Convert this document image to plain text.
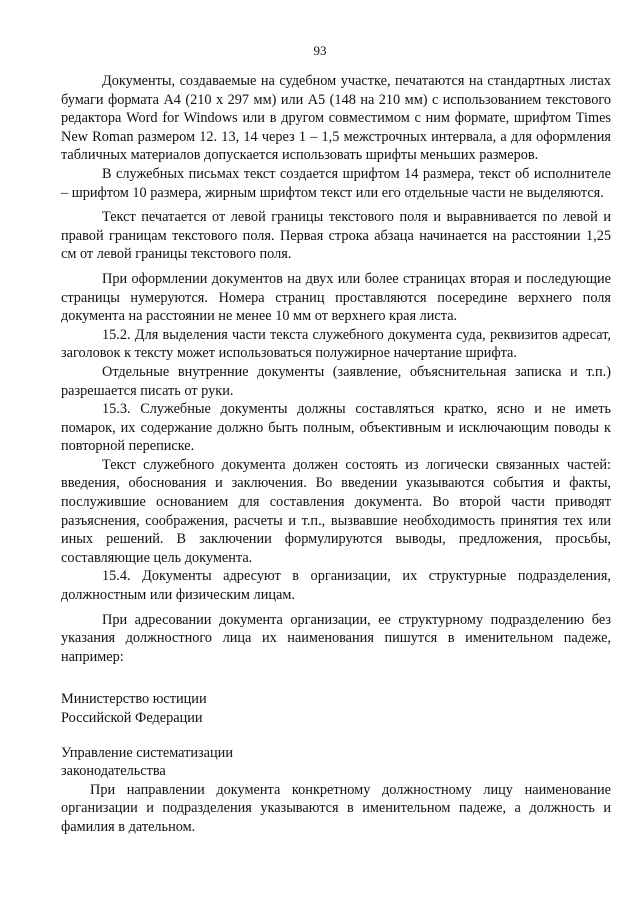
93

Документы, создаваемые на судебном участке, печатаются на стандартных листах бумаги формата А4 (210 х 297 мм) или А5 (148 на 210 мм) с использованием текстового редактора Word for Windows или в другом совместимом с ним формате, шрифтом Times New Roman размером 12. 13, 14 через 1 – 1,5 межстрочных интервала, а для оформления табличных материалов допускается использовать шрифты меньших размеров.

В служебных письмах текст создается шрифтом 14 размера, текст об исполнителе – шрифтом 10 размера, жирным шрифтом текст или его отдельные части не выделяются.

Текст печатается от левой границы текстового поля и выравнивается по левой и правой границам текстового поля. Первая строка абзаца начинается на расстоянии 1,25 см от левой границы текстового поля.

При оформлении документов на двух или более страницах вторая и последующие страницы нумеруются. Номера страниц проставляются посередине верхнего поля документа на расстоянии не менее 10 мм от верхнего края листа.

15.2. Для выделения части текста служебного документа суда, реквизитов адресат, заголовок к тексту может использоваться полужирное начертание шрифта.

Отдельные внутренние документы (заявление, объяснительная записка и т.п.) разрешается писать от руки.

15.3. Служебные документы должны составляться кратко, ясно и не иметь помарок, их содержание должно быть полным, объективным и исключающим поводы к повторной переписке.

Текст служебного документа должен состоять из логически связанных частей: введения, обоснования и заключения. Во введении указываются события и факты, послужившие основанием для составления документа. Во второй части приводят разъяснения, соображения, расчеты и т.п., вызвавшие необходимость принятия тех или иных решений. В заключении формулируются выводы, предложения, просьбы, составляющие цель документа.

15.4. Документы адресуют в организации, их структурные подразделения, должностным или физическим лицам.

При адресовании документа организации, ее структурному подразделению без указания должностного лица их наименования пишутся в именительном падеже, например:

Министерство юстиции
Российской Федерации

Управление систематизации
законодательства

При направлении документа конкретному должностному лицу наименование организации и подразделения указываются в именительном падеже, а должность и фамилия в дательном.
